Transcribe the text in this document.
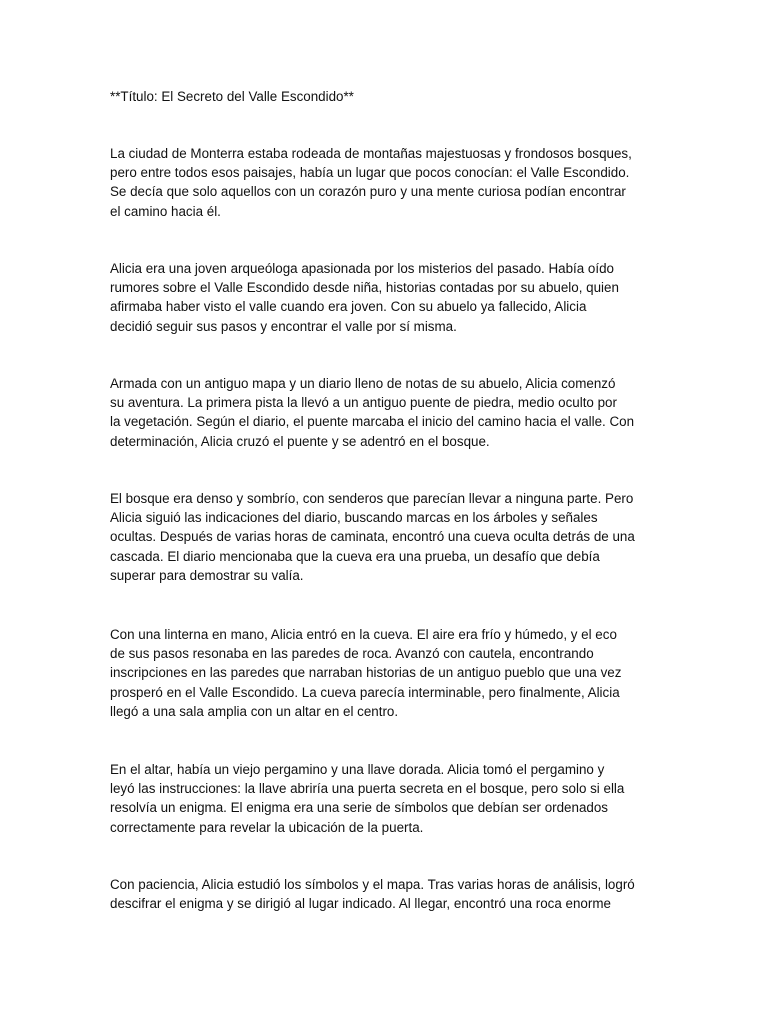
**Título: El Secreto del Valle Escondido**
La ciudad de Monterra estaba rodeada de montañas majestuosas y frondosos bosques,
pero entre todos esos paisajes, había un lugar que pocos conocían: el Valle Escondido.
Se decía que solo aquellos con un corazón puro y una mente curiosa podían encontrar
el camino hacia él.
Alicia era una joven arqueóloga apasionada por los misterios del pasado. Había oído
rumores sobre el Valle Escondido desde niña, historias contadas por su abuelo, quien
afirmaba haber visto el valle cuando era joven. Con su abuelo ya fallecido, Alicia
decidió seguir sus pasos y encontrar el valle por sí misma.
Armada con un antiguo mapa y un diario lleno de notas de su abuelo, Alicia comenzó
su aventura. La primera pista la llevó a un antiguo puente de piedra, medio oculto por
la vegetación. Según el diario, el puente marcaba el inicio del camino hacia el valle. Con
determinación, Alicia cruzó el puente y se adentró en el bosque.
El bosque era denso y sombrío, con senderos que parecían llevar a ninguna parte. Pero
Alicia siguió las indicaciones del diario, buscando marcas en los árboles y señales
ocultas. Después de varias horas de caminata, encontró una cueva oculta detrás de una
cascada. El diario mencionaba que la cueva era una prueba, un desafío que debía
superar para demostrar su valía.
Con una linterna en mano, Alicia entró en la cueva. El aire era frío y húmedo, y el eco
de sus pasos resonaba en las paredes de roca. Avanzó con cautela, encontrando
inscripciones en las paredes que narraban historias de un antiguo pueblo que una vez
prosperó en el Valle Escondido. La cueva parecía interminable, pero finalmente, Alicia
llegó a una sala amplia con un altar en el centro.
En el altar, había un viejo pergamino y una llave dorada. Alicia tomó el pergamino y
leyó las instrucciones: la llave abriría una puerta secreta en el bosque, pero solo si ella
resolvía un enigma. El enigma era una serie de símbolos que debían ser ordenados
correctamente para revelar la ubicación de la puerta.
Con paciencia, Alicia estudió los símbolos y el mapa. Tras varias horas de análisis, logró
descifrar el enigma y se dirigió al lugar indicado. Al llegar, encontró una roca enorme
